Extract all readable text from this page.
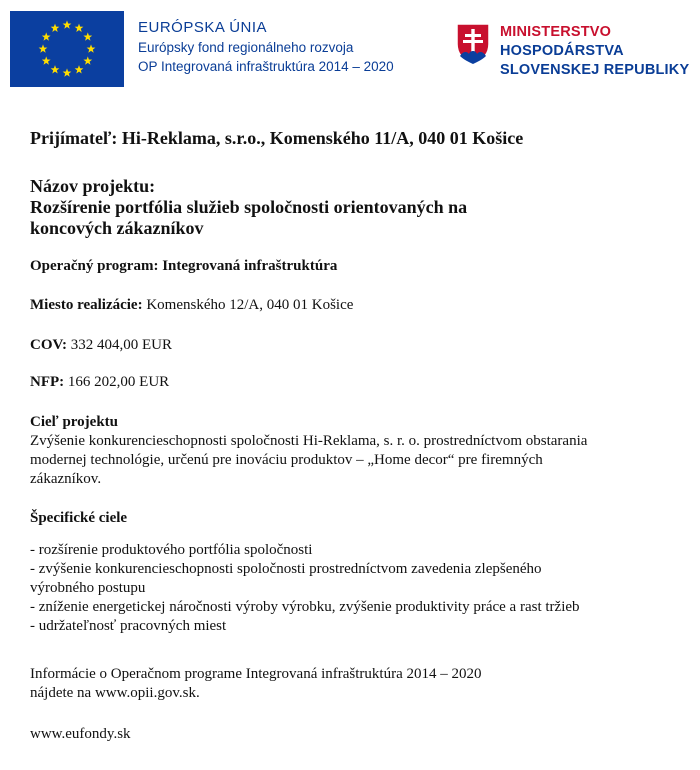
EURÓPSKA ÚNIA
Európsky fond regionálneho rozvoja
OP Integrovaná infraštruktúra 2014 – 2020
MINISTERSTVO
HOSPODÁRSTVA
SLOVENSKEJ REPUBLIKY

Prijímateľ: Hi-Reklama, s.r.o., Komenského 11/A, 040 01 Košice

Názov projektu:

Rozšírenie portfólia služieb spoločnosti orientovaných na

koncových zákazníkov

Operačný program: Integrovaná infraštruktúra

Miesto realizácie: Komenského 12/A, 040 01 Košice

COV: 332 404,00 EUR

NFP: 166 202,00 EUR

Cieľ projektu

Zvýšenie konkurencieschopnosti spoločnosti Hi-Reklama, s. r. o. prostredníctvom obstarania

modernej technológie, určenú pre inováciu produktov – „Home decor“ pre firemných

zákazníkov.

Špecifické ciele

- rozšírenie produktového portfólia spoločnosti
- zvýšenie konkurencieschopnosti spoločnosti prostredníctvom zavedenia zlepšeného
výrobného postupu
- zníženie energetickej náročnosti výroby výrobku, zvýšenie produktivity práce a rast tržieb
- udržateľnosť pracovných miest

Informácie o Operačnom programe Integrovaná infraštruktúra 2014 – 2020

nájdete na www.opii.gov.sk.

www.eufondy.sk
